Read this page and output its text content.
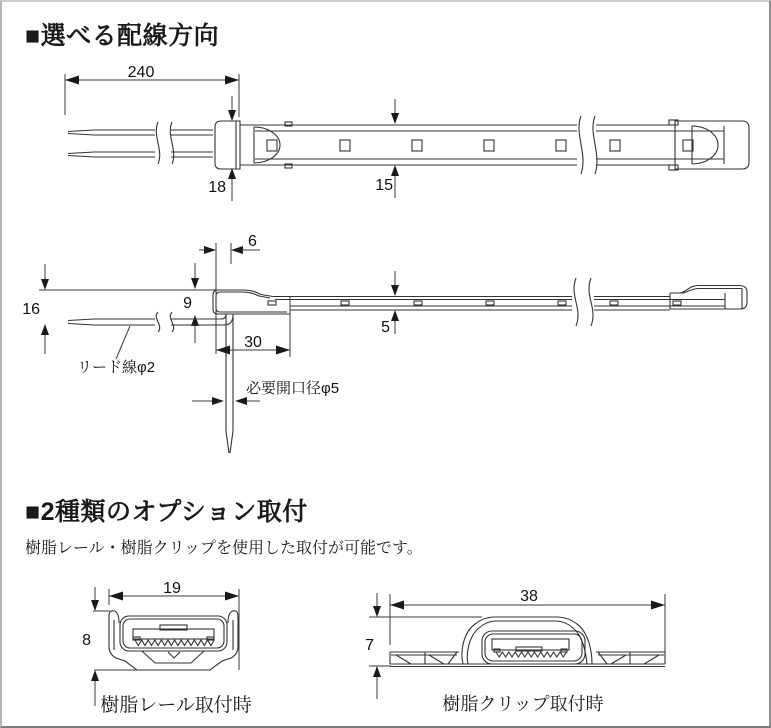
■選べる配線方向
■2種類のオプション取付

樹脂レール・樹脂クリップを使用した取付が可能です。

樹脂レール取付時	樹脂クリップ取付時
240
18	15
16	9
6
30
5
リード線φ2
必要開口径φ5
19
8
38
7
